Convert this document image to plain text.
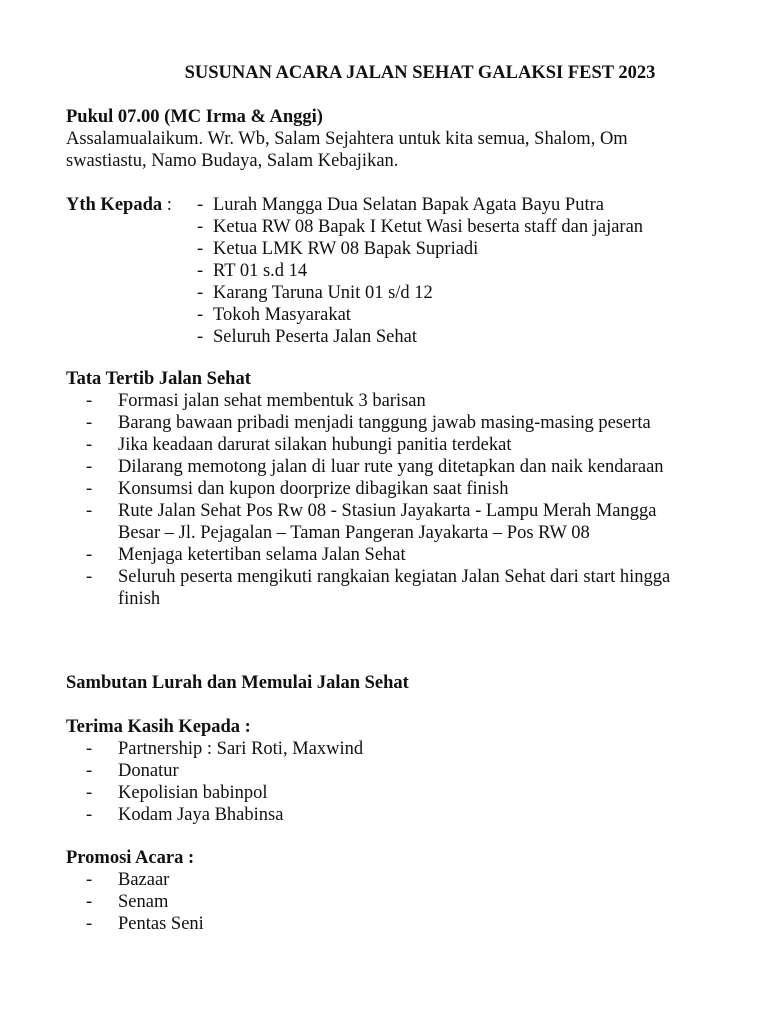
SUSUNAN ACARA JALAN SEHAT GALAKSI FEST 2023
Pukul 07.00 (MC Irma & Anggi)
Assalamualaikum. Wr. Wb, Salam Sejahtera untuk kita semua, Shalom, Om
swastiastu, Namo Budaya, Salam Kebajikan.
Yth Kepada : - Lurah Mangga Dua Selatan Bapak Agata Bayu Putra
- Ketua RW 08 Bapak I Ketut Wasi beserta staff dan jajaran
- Ketua LMK RW 08 Bapak Supriadi
- RT 01 s.d 14
- Karang Taruna Unit 01 s/d 12
- Tokoh Masyarakat
- Seluruh Peserta Jalan Sehat
Tata Tertib Jalan Sehat
- Formasi jalan sehat membentuk 3 barisan
- Barang bawaan pribadi menjadi tanggung jawab masing-masing peserta
- Jika keadaan darurat silakan hubungi panitia terdekat
- Dilarang memotong jalan di luar rute yang ditetapkan dan naik kendaraan
- Konsumsi dan kupon doorprize dibagikan saat finish
- Rute Jalan Sehat Pos Rw 08 - Stasiun Jayakarta - Lampu Merah Mangga Besar – Jl. Pejagalan – Taman Pangeran Jayakarta – Pos RW 08
- Menjaga ketertiban selama Jalan Sehat
- Seluruh peserta mengikuti rangkaian kegiatan Jalan Sehat dari start hingga finish
Sambutan Lurah dan Memulai Jalan Sehat
Terima Kasih Kepada :
- Partnership : Sari Roti, Maxwind
- Donatur
- Kepolisian babinpol
- Kodam Jaya Bhabinsa
Promosi Acara :
- Bazaar
- Senam
- Pentas Seni
